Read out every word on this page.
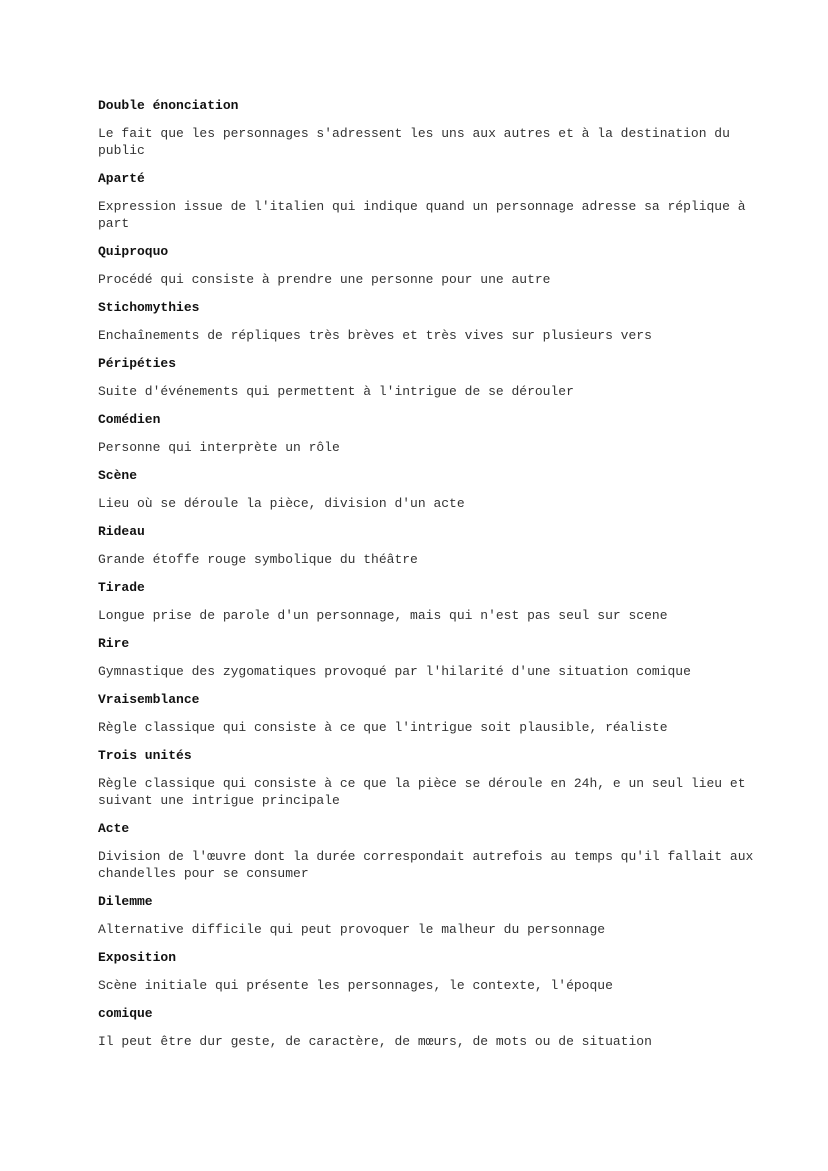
Double énonciation
Le fait que les personnages s'adressent les uns aux autres et à la destination du public
Aparté
Expression issue de l'italien qui indique quand un personnage adresse sa réplique à part
Quiproquo
Procédé qui consiste à prendre une personne pour une autre
Stichomythies
Enchaînements de répliques très brèves et très vives sur plusieurs vers
Péripéties
Suite d'événements qui permettent à l'intrigue de se dérouler
Comédien
Personne qui interprète un rôle
Scène
Lieu où se déroule la pièce, division d'un acte
Rideau
Grande étoffe rouge symbolique du théâtre
Tirade
Longue prise de parole d'un personnage, mais qui n'est pas seul sur scene
Rire
Gymnastique des zygomatiques provoqué par l'hilarité d'une situation comique
Vraisemblance
Règle classique qui consiste à ce que l'intrigue soit plausible, réaliste
Trois unités
Règle classique qui consiste à ce que la pièce se déroule en 24h, e un seul lieu et suivant une intrigue principale
Acte
Division de l'œuvre dont la durée correspondait autrefois au temps qu'il fallait aux chandelles pour se consumer
Dilemme
Alternative difficile qui peut provoquer le malheur du personnage
Exposition
Scène initiale qui présente les personnages, le contexte, l'époque
comique
Il peut être dur geste, de caractère, de mœurs, de mots ou de situation
